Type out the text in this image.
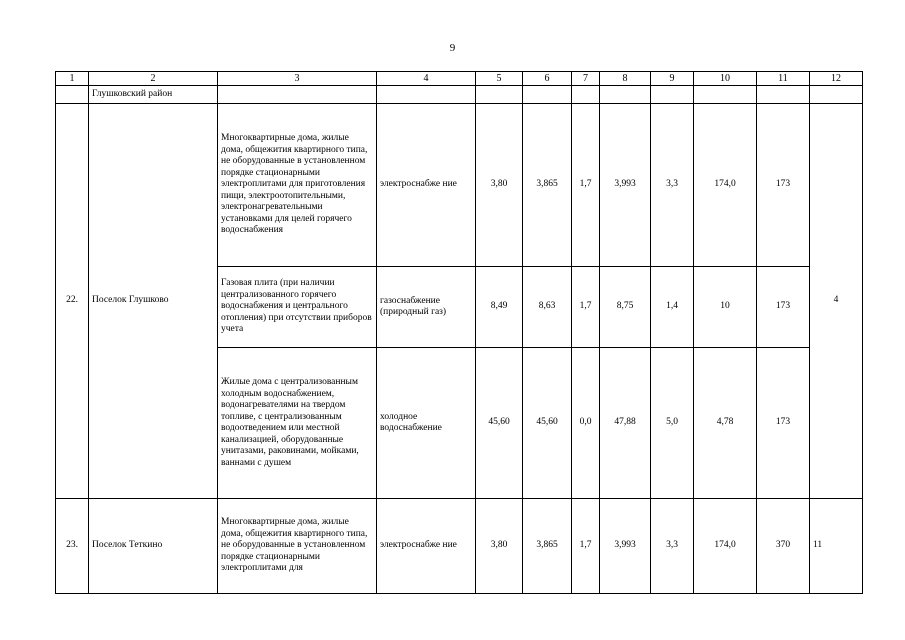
9
1	2	3	4	5	6	7	8	9	10	11	12
	Глушковский район										
22.	Поселок Глушково	Многоквартирные дома, жилые дома, общежития квартирного типа, не оборудованные в установленном порядке стационарными электроплитами для приготовления пищи, электроотопительными, электронагревательными установками для целей горячего водоснабжения	электроснабже ние	3,80	3,865	1,7	3,993	3,3	174,0	173	4
		Газовая плита (при наличии централизованного горячего водоснабжения и центрального отопления) при отсутствии приборов учета	газоснабжение (природный газ)	8,49	8,63	1,7	8,75	1,4	10	173	
		Жилые дома с централизованным холодным водоснабжением, водонагревателями на твердом топливе, с централизованным водоотведением или местной канализацией, оборудованные унитазами, раковинами, мойками, ваннами с душем	холодное водоснабжение	45,60	45,60	0,0	47,88	5,0	4,78	173	
23.	Поселок Теткино	Многоквартирные дома, жилые дома, общежития квартирного типа, не оборудованные в установленном порядке стационарными электроплитами для	электроснабже ние	3,80	3,865	1,7	3,993	3,3	174,0	370	11
